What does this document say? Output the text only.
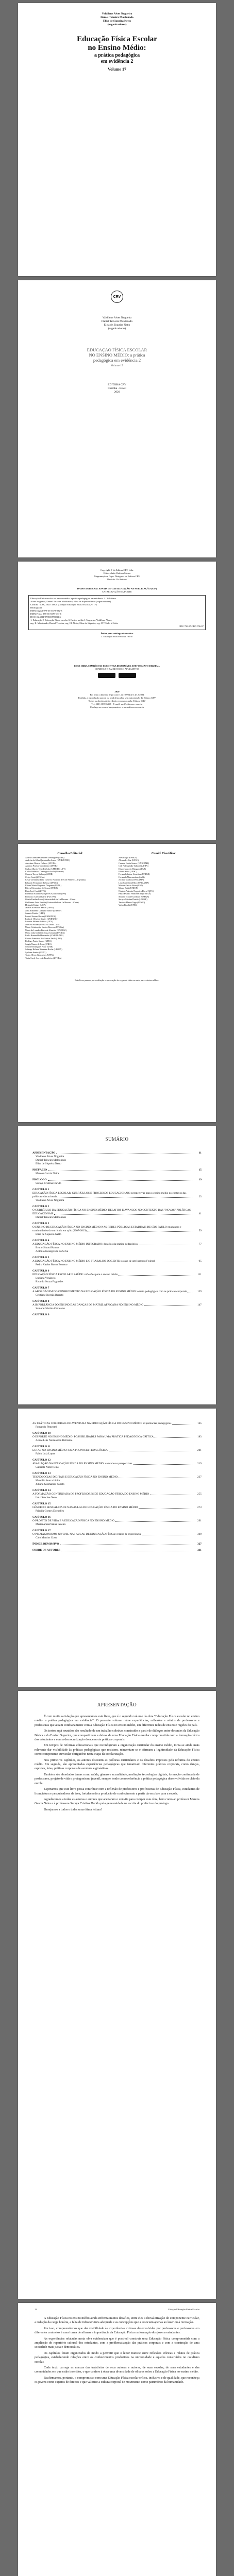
Valdilene Alves Nogueira
Daniel Teixeira Maldonado
Elisa de Siqueira Netto
(organizadores)
Educação Física Escolar
no Ensino Médio:
a prática pedagógica
em evidência 2
Volume 17
CRV
Valdilene Alves Nogueira
Daniel Teixeira Maldonado
Elisa de Siqueira Netto
(organizadores)
EDUCAÇÃO FÍSICA ESCOLAR
NO ENSINO MÉDIO: a prática
pedagógica em evidência 2
Volume 17
EDITORA CRV
Curitiba - Brasil
2020
Copyright © da Editora CRV Ltda.
Editor-chefe: Railson Moura
Diagramação e Capa: Designers da Editora CRV
Revisão: Os Autores
DADOS INTERNACIONAIS DE CATALOGAÇÃO NA PUBLICAÇÃO (CIP)
CATALOGAÇÃO NA FONTE
Educação Física escolar no ensino médio: a prática pedagógica em evidência 2 / Valdilene
Alves Nogueira, Daniel Teixeira Maldonado, Elisa de Siqueira Netto (organizadores) –
Curitiba : CRV, 2020. 338 p. (Coleção Educação Física Escolar, v. 17)
Bibliografia
ISBN Digital 978-65-5578-032-3
ISBN Físico 978-65-5578-031-6
DOI 10.24824/978655578031.6
1. Educação 2. Educação Física escolar 3. Ensino médio I. Nogueira, Valdilene Alves,
org. II. Maldonado, Daniel Teixeira, org. III. Netto, Elisa de Siqueira, org. IV. Título V. Série
CDU 796.07 CDD 796.07
Índice para catálogo sistemático
1. Educação Física escolar 796.07
ESTA OBRA TAMBÉM SE ENCONTRA DISPONÍVEL EM FORMATO DIGITAL.
CONHEÇA E BAIXE NOSSO APLICATIVO!
2020
Foi feito o depósito legal conf. Lei 10.994 de 14/12/2004
Proibida a reprodução parcial ou total desta obra sem autorização da Editora CRV
Todos os direitos desta edição reservados pela: Editora CRV
Tel.: (41) 3039-6418 - E-mail: sac@editoracrv.com.br
Conheça os nossos lançamentos: www.editoracrv.com.br
Conselho Editorial:
Aldira Guimarães Duarte Domínguez (UNB)
Andréia da Silva Quintanilha Sousa (UNIR/UFRN)
Anselmo Alencar Colares (UFOPA)
Antônio Pereira Gaio Júnior (UFRRJ)
Carlos Alberto Vilar Estêvão (UMINHO – PT)
Carlos Federico Dominguez Avila (Unieuro)
Carmen Tereza Velanga (UNIR)
Celso Conti (UFSCar)
Cesar Gerónimo Tello (Univer. Nacional Três de Febrero – Argentina)
Eduardo Fernandes Barbosa (UFMG)
Elione Maria Nogueira Diogenes (UFAL)
Elizeu Clementino de Souza (UNEB)
Élsio José Corá (UFFS)
Fernando Antônio Gonçalves Alcoforado (IPB)
Francisco Carlos Duarte (PUC-PR)
Gloria Fariñas León (Universidade de La Havana – Cuba)
Guillermo Arias Beatón (Universidade de La Havana – Cuba)
Helmuth Krüger (UCP)
Jailson Alves dos Santos (UFRJ)
João Adalberto Campato Junior (UNESP)
Josania Portela (UFPI)
Leonel Severo Rocha (UNISINOS)
Lídia de Oliveira Xavier (UNIEURO)
Lourdes Helena da Silva (UFV)
Marcelo Paixão (UFRJ e UTexas – US)
Maria Cristina dos Santos Bezerra (UFSCar)
Maria de Lourdes Pinto de Almeida (UNOESC)
Maria Lília Imbiriba Sousa Colares (UFOPA)
Paulo Romualdo Hernandes (UNIFAL-MG)
Renato Francisco dos Santos Paula (UFG)
Rodrigo Pratte-Santos (UFES)
Sérgio Nunes de Jesus (IFRO)
Simone Rodrigues Pinto (UNB)
Solange Helena Ximenes-Rocha (UFOPA)
Sydione Santos (UEPG)
Tadeu Oliver Gonçalves (UFPA)
Tania Suely Azevedo Brasileiro (UFOPA)
Comitê Científico:
Alex Fraga (UFRGS)
Alexandre Vaz (UFSC)
Carmen Lúcia Soares (UNICAMP)
Celi Nelza Zulke Taffarel (UFBA)
Edson Marcelo Húngaro (UnB)
Elenor Kunz (UFSC)
Fernando Jaime González (UNIJUÍ)
Fernando Mascarenhas (UnB)
Jocimar Daolio (UNICAMP)
Lino Castellani Filho (UNICAMP)
Marcos Garcia Neira (USP)
Mauro Betti (UNESP)
Nivaldo Antonio Nogueira David (UFG)
Paulo Evaldo Fensterseifer (UNIJUÍ)
Silvana Vilodre Goellner (UFRGS)
Suraya Cristina Darido (UNESP)
Tarcísio Mauro Vago (UFMG)
Valter Bracht (UFES)
Este livro passou por avaliação e aprovação às cegas de dois ou mais pareceristas ad hoc.
SUMÁRIO
APRESENTAÇÃO	11
Valdilene Alves Nogueira
Daniel Teixeira Maldonado
Elisa de Siqueira Netto
PREFÁCIO	15
Marcos Garcia Neira
PRÓLOGO	19
Suraya Cristina Darido
CAPÍTULO 1
EDUCAÇÃO FÍSICA ESCOLAR, CURRÍCULOS E PROCESSOS EDUCACIONAIS: perspectivas para o ensino médio no contexto das
políticas educacionais	23
Valdilene Alves Nogueira
CAPÍTULO 2
O CURRÍCULO DA EDUCAÇÃO FÍSICA NO ENSINO MÉDIO: DESAFIOS E AVANÇOS NO CONTEXTO DAS "NOVAS" POLÍTICAS
EDUCACIONAIS	41
Daniel Teixeira Maldonado
CAPÍTULO 3
O ENSINO DE EDUCAÇÃO FÍSICA NO ENSINO MÉDIO NAS REDES PÚBLICAS ESTADUAIS DE SÃO PAULO: mudanças e
continuidades do currículo em ação (2007-2019)	59
Elisa de Siqueira Netto
CAPÍTULO 4
A EDUCAÇÃO FÍSICA NO ENSINO MÉDIO INTEGRADO: desafios da prática pedagógica	77
Bruno Sinotti Ramos
Antonio Evangelista da Silva
CAPÍTULO 5
A EDUCAÇÃO FÍSICA NO ENSINO MÉDIO E O TRABALHO DOCENTE: o caso de um Instituto Federal	95
Pedro Xavier Russo Bonetto
CAPÍTULO 6
EDUCAÇÃO FÍSICA ESCOLAR E SAÚDE: reflexões para o ensino médio	111
Luciana Venâncio
Ricardo Souza Fagundes
CAPÍTULO 7
A ABORDAGEM DO CONHECIMENTO NA EDUCAÇÃO FÍSICA DO ENSINO MÉDIO: o trato pedagógico com as práticas corporais	129
Cristiane Negrão Barreto
CAPÍTULO 8
A IMPORTÂNCIA DO ENSINO DAS DANÇAS DE MATRIZ AFRICANA NO ENSINO MÉDIO	147
Samara Cristina Cavaleiro
CAPÍTULO 9
AS PRÁTICAS CORPORAIS DE AVENTURA NA EDUCAÇÃO FÍSICA DO ENSINO MÉDIO: experiências pedagógicas	165
Fernando Pimentel
CAPÍTULO 10
O ESPORTE NO ENSINO MÉDIO: POSSIBILIDADES PARA UMA PRÁTICA PEDAGÓGICA CRÍTICA	183
André Luis Normanton Beltrame
CAPÍTULO 11
LUTAS NO ENSINO MÉDIO: UMA PROPOSTA PEDAGÓGICA	201
Fabio Luiz Lopes
CAPÍTULO 12
AVALIAÇÃO NA EDUCAÇÃO FÍSICA DO ENSINO MÉDIO: caminhos e perspectivas	219
Gabriela Nobre Bins
CAPÍTULO 13
TECNOLOGIAS DIGITAIS E EDUCAÇÃO FÍSICA NO ENSINO MÉDIO	237
Marcílio Souza Júnior
Juliana Guimarães Saneto
CAPÍTULO 14
A FORMAÇÃO CONTINUADA DE PROFESSORES DE EDUCAÇÃO FÍSICA DO ENSINO MÉDIO	255
Luiz Sanches Neto
CAPÍTULO 15
GÊNERO E SEXUALIDADE NAS AULAS DE EDUCAÇÃO FÍSICA DO ENSINO MÉDIO	273
Priscila Gomes Dornelles
CAPÍTULO 16
O PROJETO DE VIDA E A EDUCAÇÃO FÍSICA NO ENSINO MÉDIO	291
Mariana Sant'Anna Pereira
CAPÍTULO 17
O PROTAGONISMO JUVENIL NAS AULAS DE EDUCAÇÃO FÍSICA: relatos de experiência	309
Caio Martins Costa
ÍNDICE REMISSIVO	327
SOBRE OS AUTORES	331
APRESENTAÇÃO

É com muita satisfação que apresentamos este livro, que é o segundo volume da obra "Educação Física escolar no ensino médio: a prática pedagógica em evidência". O presente volume reúne experiências, reflexões e relatos de professores e professoras que atuam cotidianamente com a Educação Física no ensino médio, em diferentes redes de ensino e regiões do país.

Os textos aqui reunidos são resultado de um trabalho coletivo, construído a partir de diálogos entre docentes da Educação Básica e do Ensino Superior, que compartilham a defesa de uma Educação Física escolar comprometida com a formação crítica dos estudantes e com a democratização do acesso às práticas corporais.

Em tempos de reformas educacionais que reconfiguram a organização curricular do ensino médio, torna-se ainda mais relevante dar visibilidade às práticas pedagógicas que resistem, reinventam-se e afirmam a legitimidade da Educação Física como componente curricular obrigatório nesta etapa da escolarização.

Nos primeiros capítulos, os autores discutem as políticas curriculares e os desafios impostos pela reforma do ensino médio. Em seguida, são apresentadas experiências pedagógicas que tematizam diferentes práticas corporais, como danças, esportes, lutas, práticas corporais de aventura e ginásticas.

Também são abordados temas como saúde, gênero e sexualidade, avaliação, tecnologias digitais, formação continuada de professores, projeto de vida e protagonismo juvenil, sempre tendo como referência a prática pedagógica desenvolvida no chão da escola.

Esperamos que este livro possa contribuir com a reflexão de professores e professoras de Educação Física, estudantes de licenciatura e pesquisadores da área, fortalecendo a produção de conhecimento a partir da escola e para a escola.

Agradecemos a todas as autoras e autores que aceitaram o convite para compor esta obra, bem como ao professor Marcos Garcia Neira e à professora Suraya Cristina Darido pela generosidade na escrita do prefácio e do prólogo.

Desejamos a todos e todas uma ótima leitura!

12	Coleção Educação Física Escolar

A Educação Física no ensino médio ainda enfrenta muitos desafios, entre eles a desvalorização do componente curricular, a redução da carga horária, a falta de infraestrutura adequada e as concepções que a associam apenas ao lazer ou à recreação.

Por isso, compreendemos que dar visibilidade às experiências exitosas desenvolvidas por professores e professoras em diferentes contextos é uma forma de afirmar a importância da Educação Física na formação dos jovens estudantes.

As experiências relatadas nesta obra evidenciam que é possível construir uma Educação Física comprometida com a ampliação do repertório cultural dos estudantes, com a problematização das práticas corporais e com a construção de uma sociedade mais justa e democrática.

Os capítulos foram organizados de modo a permitir que o leitor transite entre reflexões teóricas e relatos de prática pedagógica, estabelecendo relações entre os conhecimentos produzidos na universidade e aqueles construídos no cotidiano escolar.

Cada texto carrega as marcas das trajetórias de seus autores e autoras, de suas escolas, de seus estudantes e das comunidades em que estão inseridos, o que confere à obra uma diversidade de olhares sobre a Educação Física no ensino médio.

Reafirmamos, portanto, o compromisso com uma Educação Física escolar crítica, inclusiva e de qualidade, que reconheça os jovens como sujeitos de direitos e que valorize a cultura corporal de movimento como patrimônio da humanidade.
